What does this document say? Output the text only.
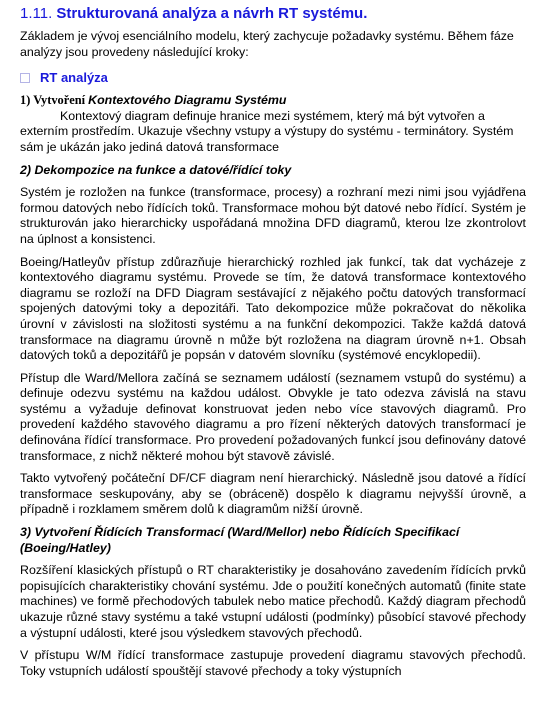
1.11. Strukturovaná analýza a návrh RT systému.

Základem je vývoj esenciálního modelu, který zachycuje požadavky systému. Během fáze analýzy jsou provedeny následující kroky:

RT analýza
1) Vytvoření Kontextového Diagramu Systému

Kontextový diagram definuje hranice mezi systémem, který má být vytvořen a externím prostředím. Ukazuje všechny vstupy a výstupy do systému - terminátory. Systém sám je ukázán jako jediná datová transformace

2) Dekompozice na funkce a datové/řídící toky

Systém je rozložen na funkce (transformace, procesy) a rozhraní mezi nimi jsou vyjádřena formou datových nebo řídících toků. Transformace mohou být datové nebo řídící. Systém je strukturován jako hierarchicky uspořádaná množina DFD diagramů, kterou lze zkontrolovt na úplnost a konsistenci.

Boeing/Hatleyův přístup zdůrazňuje hierarchický rozhled jak funkcí, tak dat vycházeje z kontextového diagramu systému. Provede se tím, že datová transformace kontextového diagramu se rozloží na DFD Diagram sestávající z nějakého počtu datových transformací spojených datovými toky a depozitáři. Tato dekompozice může pokračovat do několika úrovní v závislosti na složitosti systému a na funkční dekompozici. Takže každá datová transformace na diagramu úrovně n může být rozložena na diagram úrovně n+1. Obsah datových toků a depozitářů je popsán v datovém slovníku (systémové encyklopedii).

Přístup dle Ward/Mellora začíná se seznamem událostí (seznamem vstupů do systému) a definuje odezvu systému na každou událost. Obvykle je tato odezva závislá na stavu systému a vyžaduje definovat konstruovat jeden nebo více stavových diagramů. Pro provedení každého stavového diagramu a pro řízení některých datových transformací je definována řídící transformace. Pro provedení požadovaných funkcí jsou definovány datové transformace, z nichž některé mohou být stavově závislé.

Takto vytvořený počáteční DF/CF diagram není hierarchický. Následně jsou datové a řídící transformace seskupovány, aby se (obráceně) dospělo k diagramu nejvyšší úrovně, a případně i rozklamem směrem dolů k diagramům nižší úrovně.

3) Vytvoření Řídících Transformací (Ward/Mellor) nebo Řídících Specifikací (Boeing/Hatley)

Rozšíření klasických přístupů o RT charakteristiky je dosahováno zavedením řídících prvků popisujících charakteristiky chování systému. Jde o použití konečných automatů (finite state machines) ve formě přechodových tabulek nebo matice přechodů. Každý diagram přechodů ukazuje různé stavy systému a také vstupní události (podmínky) působící stavové přechody a výstupní události, které jsou výsledkem stavových přechodů.

V přístupu W/M řídící transformace zastupuje provedení diagramu stavových přechodů. Toky vstupních událostí spouštějí stavové přechody a toky výstupních
